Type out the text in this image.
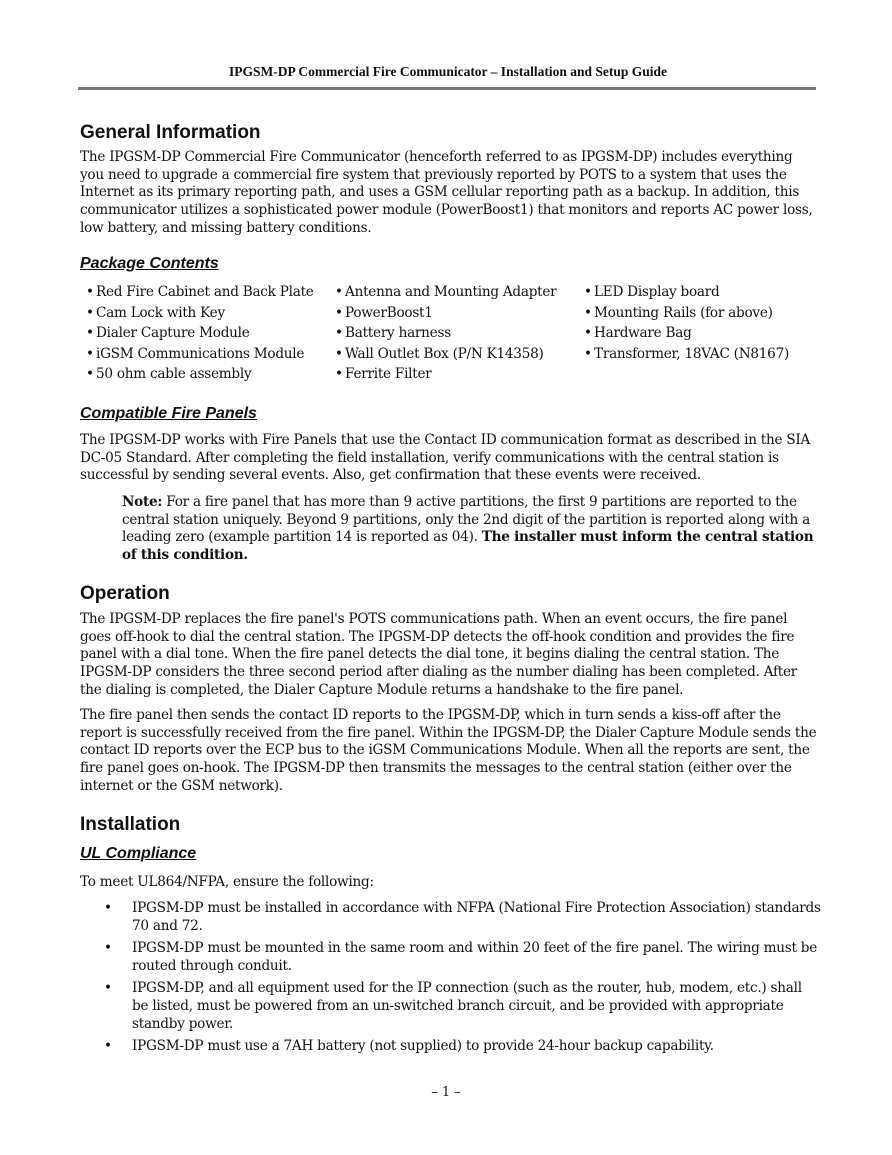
IPGSM-DP Commercial Fire Communicator – Installation and Setup Guide
General Information

The IPGSM-DP Commercial Fire Communicator (henceforth referred to as IPGSM-DP) includes everything you need to upgrade a commercial fire system that previously reported by POTS to a system that uses the Internet as its primary reporting path, and uses a GSM cellular reporting path as a backup. In addition, this communicator utilizes a sophisticated power module (PowerBoost1) that monitors and reports AC power loss, low battery, and missing battery conditions.

Package Contents
• Red Fire Cabinet and Back Plate
• Cam Lock with Key
• Dialer Capture Module
• iGSM Communications Module
• 50 ohm cable assembly
• Antenna and Mounting Adapter
• PowerBoost1
• Battery harness
• Wall Outlet Box (P/N K14358)
• Ferrite Filter
• LED Display board
• Mounting Rails (for above)
• Hardware Bag
• Transformer, 18VAC (N8167)
Compatible Fire Panels

The IPGSM-DP works with Fire Panels that use the Contact ID communication format as described in the SIA DC-05 Standard. After completing the field installation, verify communications with the central station is successful by sending several events. Also, get confirmation that these events were received.

Note: For a fire panel that has more than 9 active partitions, the first 9 partitions are reported to the central station uniquely. Beyond 9 partitions, only the 2nd digit of the partition is reported along with a leading zero (example partition 14 is reported as 04). The installer must inform the central station of this condition.

Operation

The IPGSM-DP replaces the fire panel's POTS communications path. When an event occurs, the fire panel goes off-hook to dial the central station. The IPGSM-DP detects the off-hook condition and provides the fire panel with a dial tone. When the fire panel detects the dial tone, it begins dialing the central station. The IPGSM-DP considers the three second period after dialing as the number dialing has been completed. After the dialing is completed, the Dialer Capture Module returns a handshake to the fire panel.

The fire panel then sends the contact ID reports to the IPGSM-DP, which in turn sends a kiss-off after the report is successfully received from the fire panel. Within the IPGSM-DP, the Dialer Capture Module sends the contact ID reports over the ECP bus to the iGSM Communications Module. When all the reports are sent, the fire panel goes on-hook. The IPGSM-DP then transmits the messages to the central station (either over the internet or the GSM network).

Installation
UL Compliance

To meet UL864/NFPA, ensure the following:

• IPGSM-DP must be installed in accordance with NFPA (National Fire Protection Association) standards 70 and 72.
• IPGSM-DP must be mounted in the same room and within 20 feet of the fire panel. The wiring must be routed through conduit.
• IPGSM-DP, and all equipment used for the IP connection (such as the router, hub, modem, etc.) shall be listed, must be powered from an un-switched branch circuit, and be provided with appropriate standby power.
• IPGSM-DP must use a 7AH battery (not supplied) to provide 24-hour backup capability.
– 1 –
